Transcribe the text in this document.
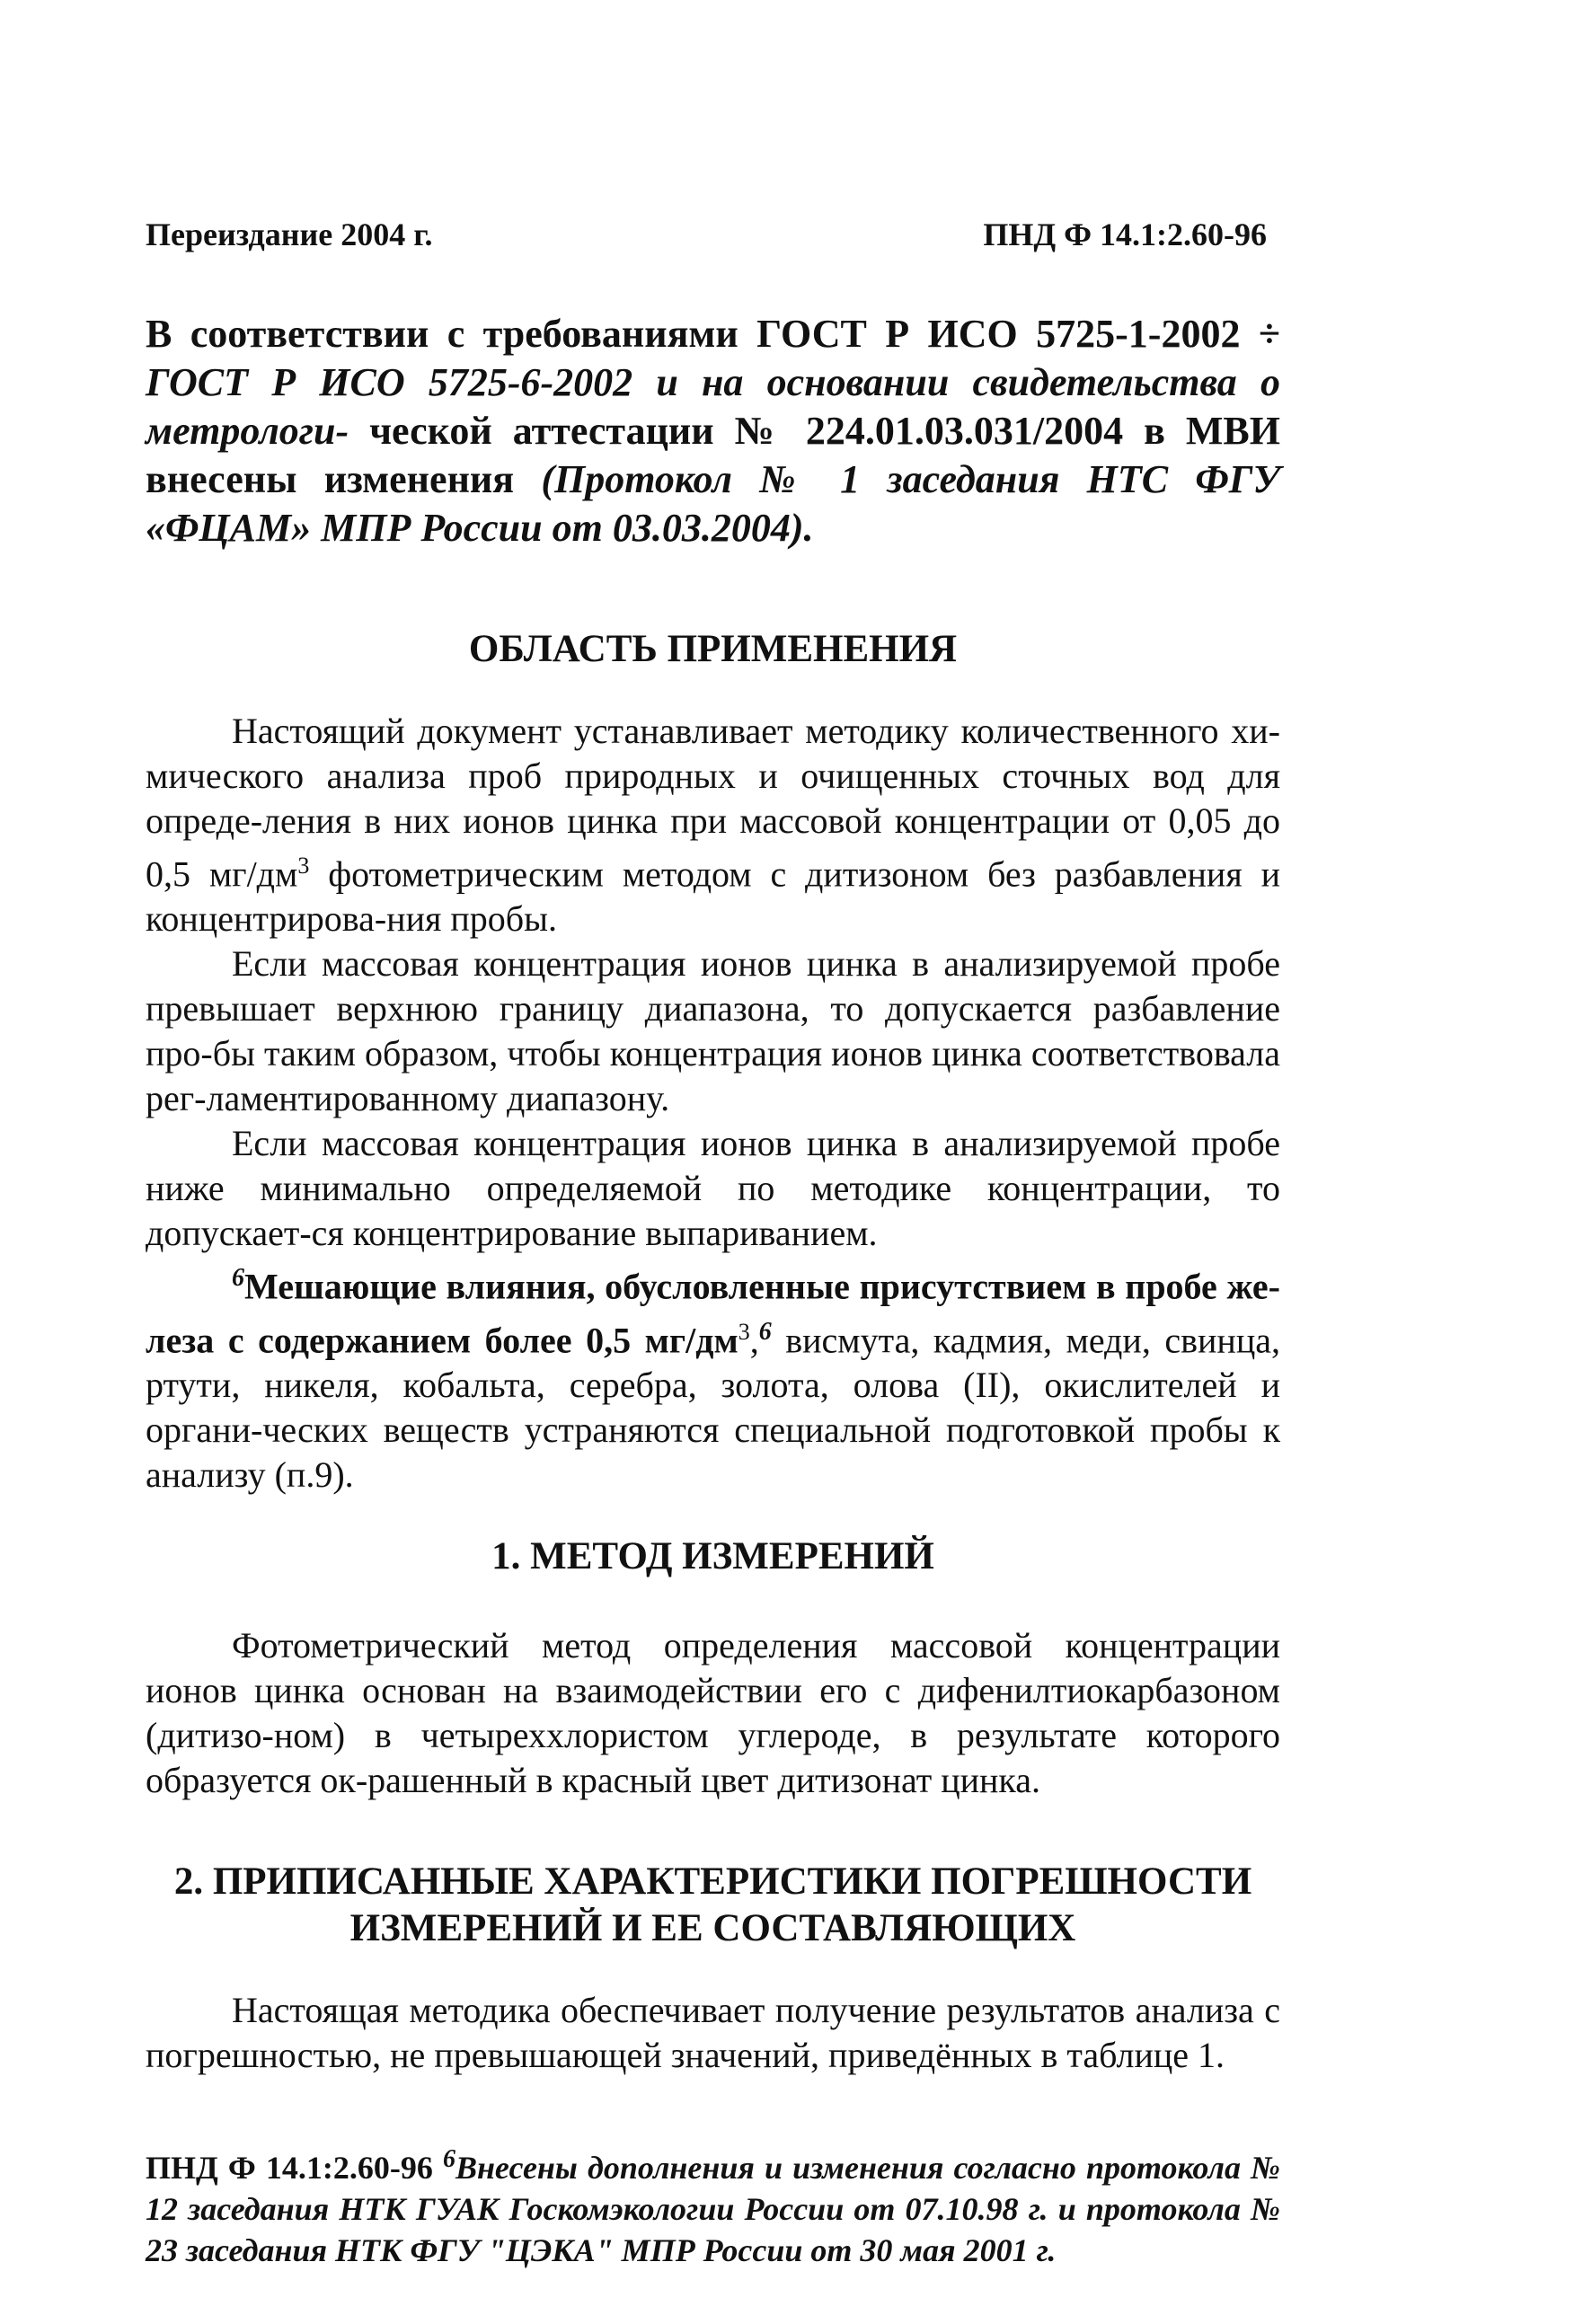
Переиздание 2004 г.	ПНД Ф 14.1:2.60-96

В соответствии с требованиями ГОСТ Р ИСО 5725-1-2002 ÷ ГОСТ Р ИСО 5725-6-2002 и на основании свидетельства о метрологи- ческой аттестации № 224.01.03.031/2004 в МВИ внесены изменения (Протокол № 1 заседания НТС ФГУ «ФЦАМ» МПР России от 03.03.2004).

ОБЛАСТЬ ПРИМЕНЕНИЯ

Настоящий документ устанавливает методику количественного хи-мического анализа проб природных и очищенных сточных вод для опреде-ления в них ионов цинка при массовой концентрации от 0,05 до 0,5 $мг/дм^3$ фотометрическим методом с дитизоном без разбавления и концентрирова-ния пробы.

Если массовая концентрация ионов цинка в анализируемой пробе превышает верхнюю границу диапазона, то допускается разбавление про-бы таким образом, чтобы концентрация ионов цинка соответствовала рег-ламентированному диапазону.

Если массовая концентрация ионов цинка в анализируемой пробе ниже минимально определяемой по методике концентрации, то допускает-ся концентрирование выпариванием.

$^6$Мешающие влияния, обусловленные присутствием в пробе же-леза с содержанием более 0,5 $мг/дм^3,^6$ висмута, кадмия, меди, свинца, ртути, никеля, кобальта, серебра, золота, олова (II), окислителей и органи-ческих веществ устраняются специальной подготовкой пробы к анализу (п.9).

1. МЕТОД ИЗМЕРЕНИЙ

Фотометрический метод определения массовой концентрации ионов цинка основан на взаимодействии его с дифенилтиокарбазоном (дитизо-ном) в четыреххлористом углероде, в результате которого образуется ок-рашенный в красный цвет дитизонат цинка.

2. ПРИПИСАННЫЕ ХАРАКТЕРИСТИКИ ПОГРЕШНОСТИ
ИЗМЕРЕНИЙ И ЕЕ СОСТАВЛЯЮЩИХ

Настоящая методика обеспечивает получение результатов анализа с погрешностью, не превышающей значений, приведённых в таблице 1.

ПНД Ф 14.1:2.60-96 $^6$Внесены дополнения и изменения согласно протокола № 12 заседания НТК ГУАК Госкомэкологии России от 07.10.98 г. и протокола № 23 заседания НТК ФГУ "ЦЭКА" МПР России от 30 мая 2001 г.
